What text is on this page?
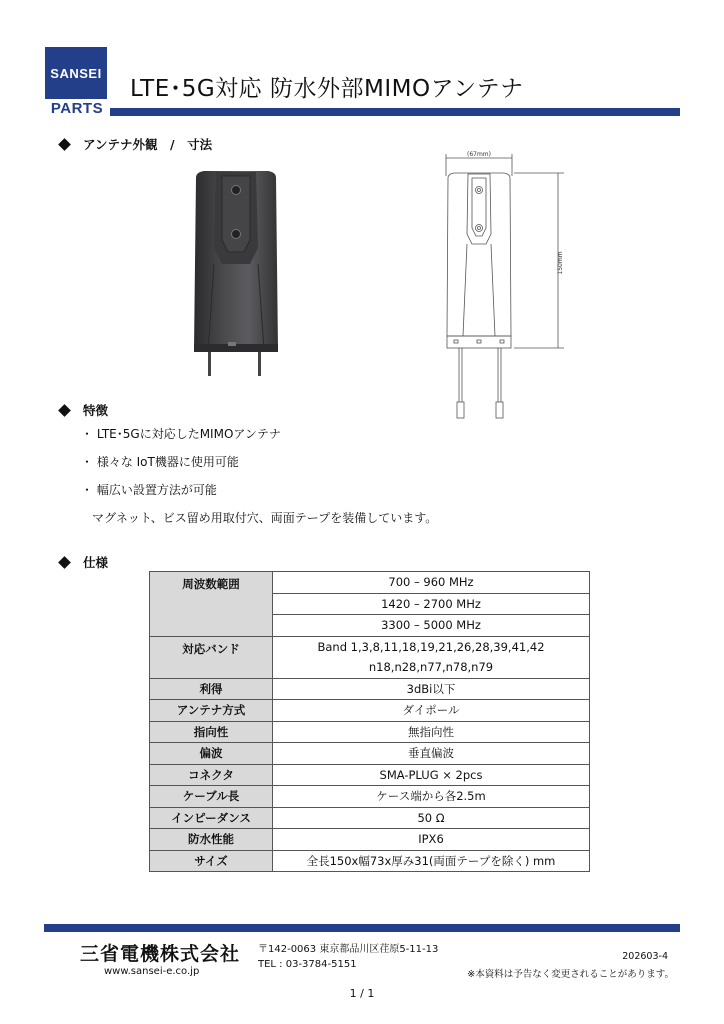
SANSEI
PARTS
LTE･5G対応 防水外部MIMOアンテナ
アンテナ外観　/　寸法
(67mm)
150mm
特徴
・ LTE･5Gに対応したMIMOアンテナ
・ 様々な IoT機器に使用可能
・ 幅広い設置方法が可能
マグネット、ビス留め用取付穴、両面テープを装備しています。
仕様
周波数範囲	700 – 960 MHz
	1420 – 2700 MHz
	3300 – 5000 MHz
対応バンド	Band 1,3,8,11,18,19,21,26,28,39,41,42
	n18,n28,n77,n78,n79
利得	3dBi以下
アンテナ方式	ダイポール
指向性	無指向性
偏波	垂直偏波
コネクタ	SMA-PLUG × 2pcs
ケーブル長	ケース端から各2.5m
インピーダンス	50 Ω
防水性能	IPX6
サイズ	全長150x幅73x厚み31(両面テープを除く) mm
三省電機株式会社
www.sansei-e.co.jp
〒142-0063 東京都品川区荏原5-11-13
TEL : 03-3784-5151
202603-4
※本資料は予告なく変更されることがあります。
1 / 1
